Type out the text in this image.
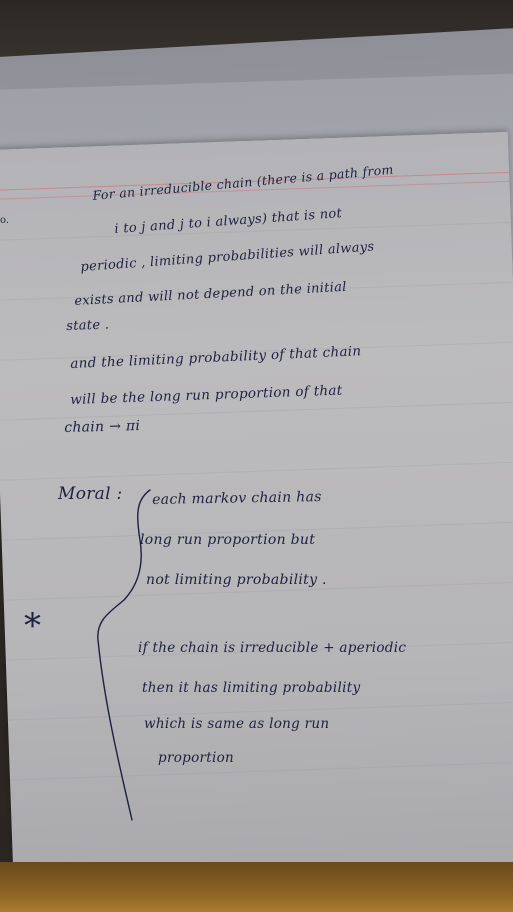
o.

For an irreducible chain (there is a path from

i to j and j to i always) that is not

periodic , limiting probabilities will always

exists and will not depend on the initial

state .

and the limiting probability of that chain

will be the long run proportion of that

chain → πi

Moral : each markov chain has

long run proportion but

not limiting probability .

*

if the chain is irreducible + aperiodic

then it has limiting probability

which is same as long run

proportion
